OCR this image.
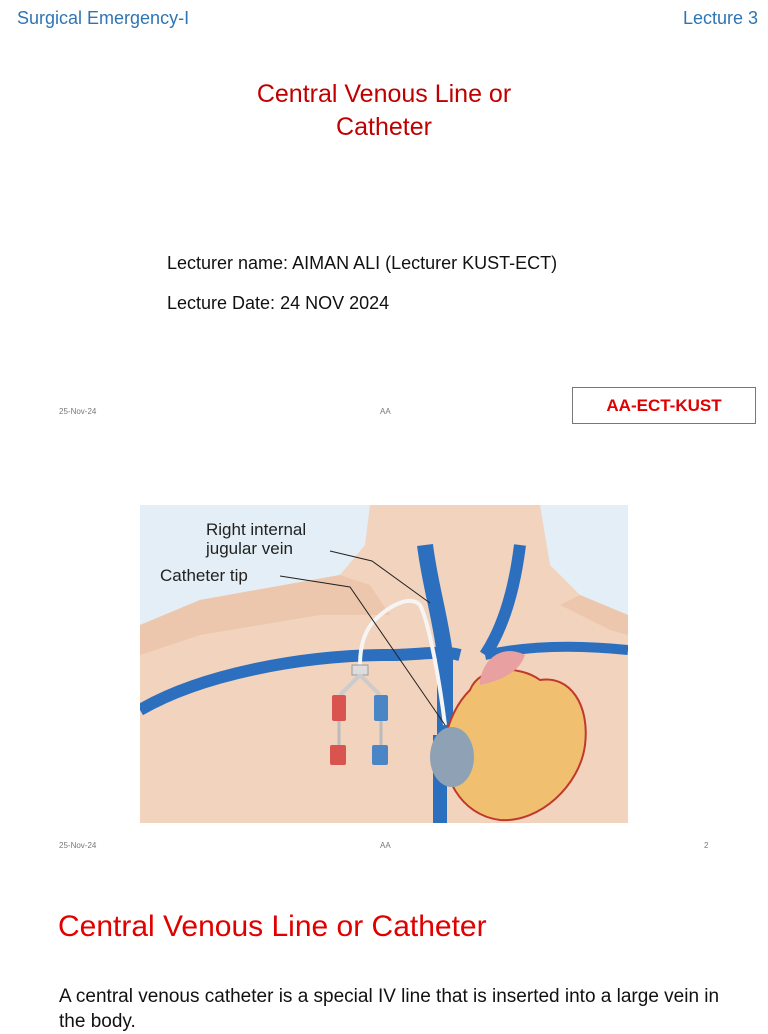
Surgical Emergency-I	Lecture 3
Central Venous Line or
Catheter
Lecturer name: AIMAN ALI (Lecturer KUST-ECT)
Lecture Date: 24 NOV 2024
25-Nov-24	AA	AA-ECT-KUST
Right internal
jugular vein
Catheter tip
25-Nov-24	AA	2
Central Venous Line or Catheter
A central venous catheter is a special IV line that is inserted into a large vein in the body.
